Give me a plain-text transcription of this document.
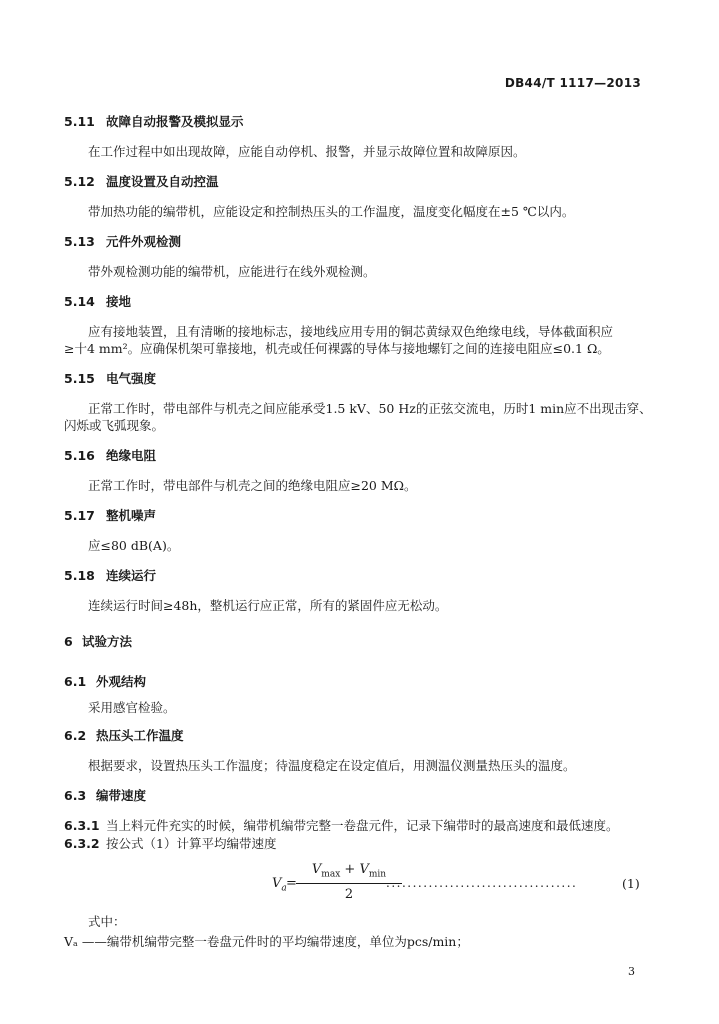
DB44/T 1117—2013
5.11 故障自动报警及模拟显示
在工作过程中如出现故障，应能自动停机、报警，并显示故障位置和故障原因。
5.12 温度设置及自动控温
带加热功能的编带机，应能设定和控制热压头的工作温度，温度变化幅度在±5 ℃以内。
5.13 元件外观检测
带外观检测功能的编带机，应能进行在线外观检测。
5.14 接地
应有接地装置，且有清晰的接地标志，接地线应用专用的铜芯黄绿双色绝缘电线，导体截面积应
≥十4 mm²。应确保机架可靠接地，机壳或任何裸露的导体与接地螺钉之间的连接电阻应≤0.1 Ω。
5.15 电气强度
正常工作时，带电部件与机壳之间应能承受1.5 kV、50 Hz的正弦交流电，历时1 min应不出现击穿、
闪烁或飞弧现象。
5.16 绝缘电阻
正常工作时，带电部件与机壳之间的绝缘电阻应≥20 MΩ。
5.17 整机噪声
应≤80 dB(A)。
5.18 连续运行
连续运行时间≥48h，整机运行应正常，所有的紧固件应无松动。
6 试验方法
6.1 外观结构
采用感官检验。
6.2 热压头工作温度
根据要求，设置热压头工作温度；待温度稳定在设定值后，用测温仪测量热压头的温度。
6.3 编带速度
6.3.1 当上料元件充实的时候，编带机编带完整一卷盘元件，记录下编带时的最高速度和最低速度。
6.3.2 按公式（1）计算平均编带速度
$V_a$ =
$V_{max} + V_{min}$
2
....................................	(1)
式中：
Vₐ ——编带机编带完整一卷盘元件时的平均编带速度，单位为pcs/min；
3
